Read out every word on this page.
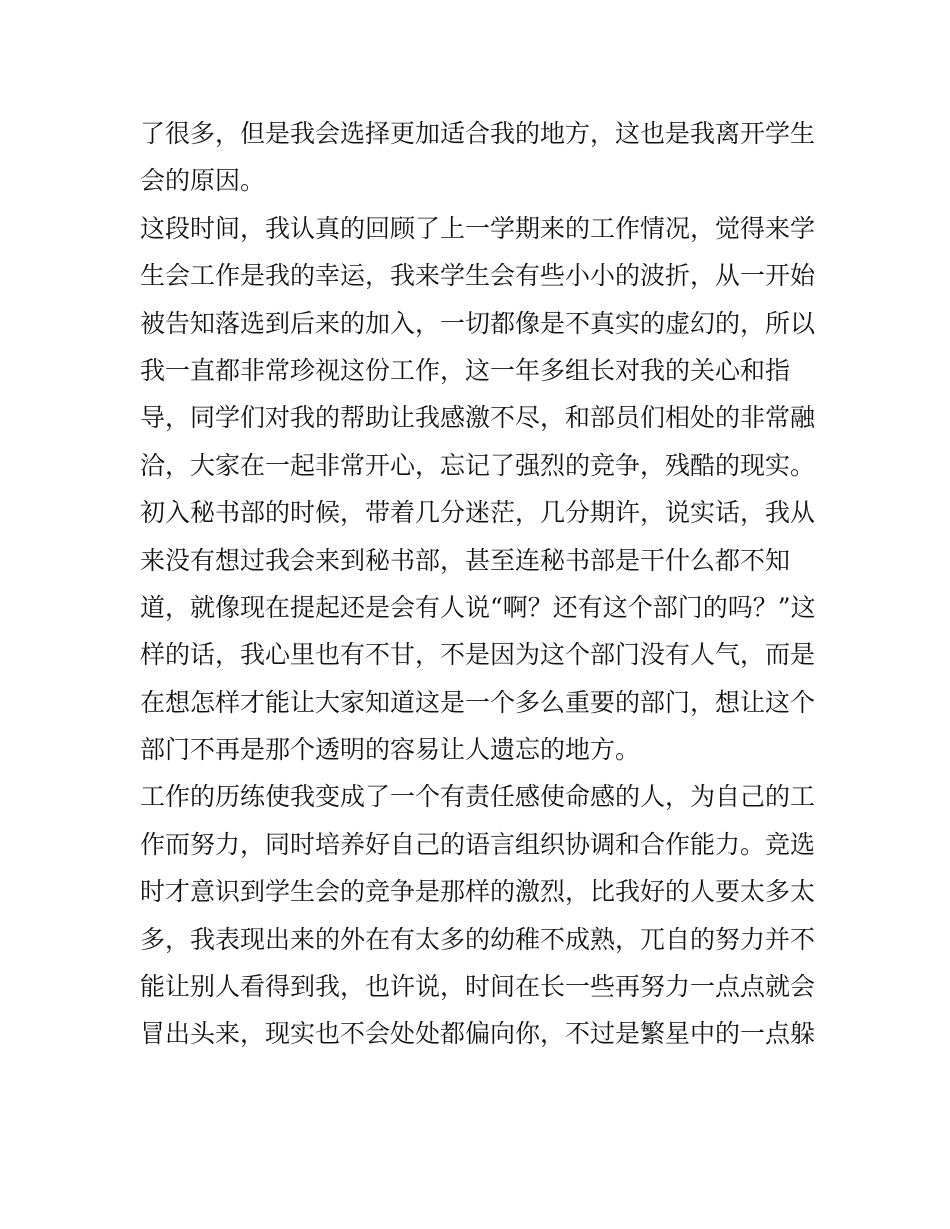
了很多，但是我会选择更加适合我的地方，这也是我离开学生
会的原因。
这段时间，我认真的回顾了上一学期来的工作情况，觉得来学
生会工作是我的幸运，我来学生会有些小小的波折，从一开始
被告知落选到后来的加入，一切都像是不真实的虚幻的，所以
我一直都非常珍视这份工作，这一年多组长对我的关心和指
导，同学们对我的帮助让我感激不尽，和部员们相处的非常融
洽，大家在一起非常开心，忘记了强烈的竞争，残酷的现实。
初入秘书部的时候，带着几分迷茫，几分期许，说实话，我从
来没有想过我会来到秘书部，甚至连秘书部是干什么都不知
道，就像现在提起还是会有人说“啊？还有这个部门的吗？”这
样的话，我心里也有不甘，不是因为这个部门没有人气，而是
在想怎样才能让大家知道这是一个多么重要的部门，想让这个
部门不再是那个透明的容易让人遗忘的地方。
工作的历练使我变成了一个有责任感使命感的人，为自己的工
作而努力，同时培养好自己的语言组织协调和合作能力。竞选
时才意识到学生会的竞争是那样的激烈，比我好的人要太多太
多，我表现出来的外在有太多的幼稚不成熟，兀自的努力并不
能让别人看得到我，也许说，时间在长一些再努力一点点就会
冒出头来，现实也不会处处都偏向你，不过是繁星中的一点躲
